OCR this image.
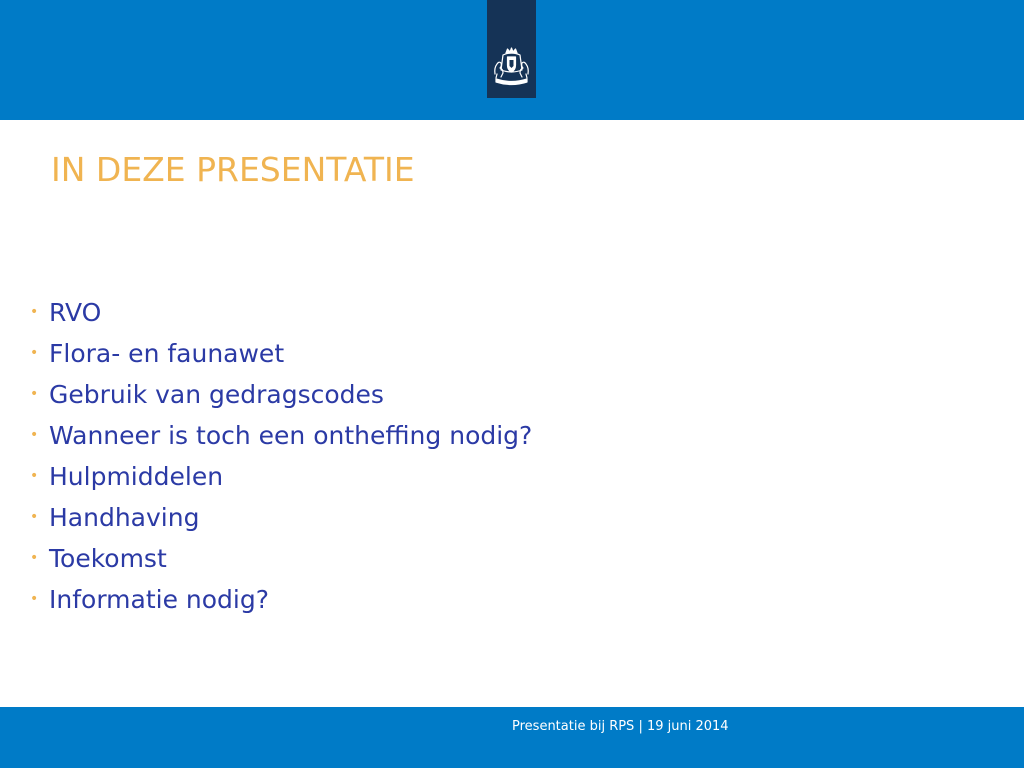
IN DEZE PRESENTATIE
• RVO
• Flora- en faunawet
• Gebruik van gedragscodes
• Wanneer is toch een ontheffing nodig?
• Hulpmiddelen
• Handhaving
• Toekomst
• Informatie nodig?
Presentatie bij RPS | 19 juni 2014
